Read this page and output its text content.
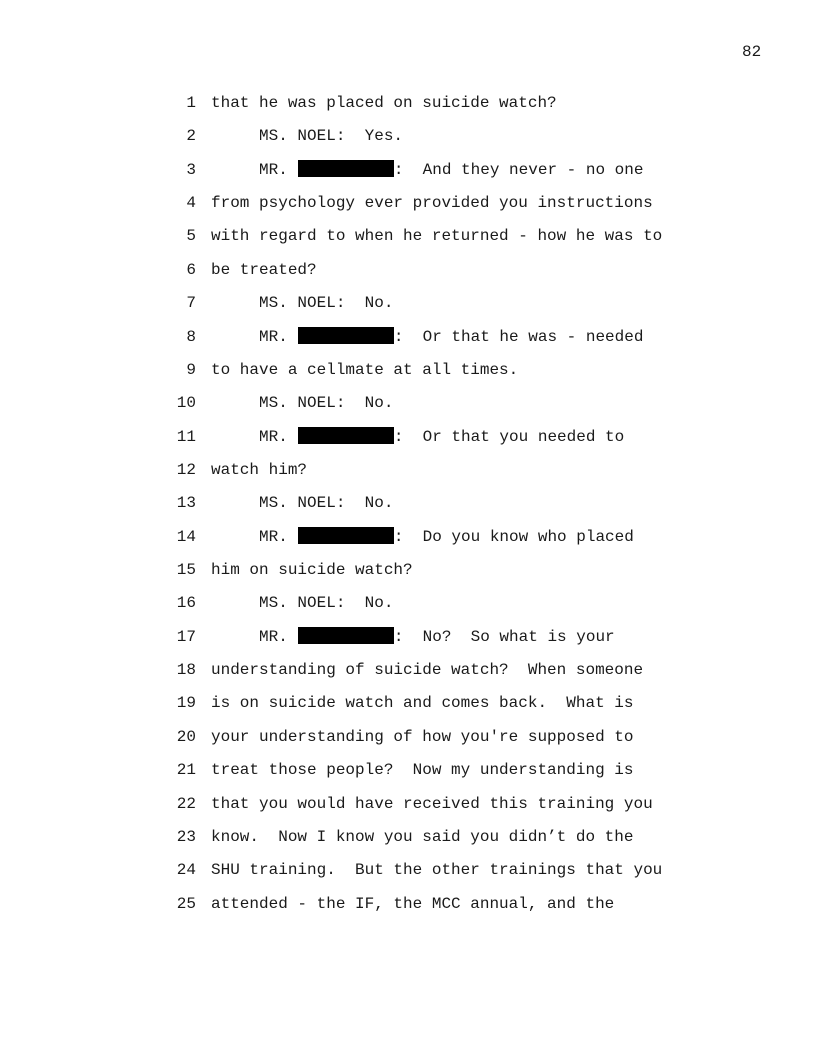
82

1

that he was placed on suicide watch?

2

	MS. NOEL:  Yes.

3

	MR.	:  And they never - no one

4

from psychology ever provided you instructions

5

with regard to when he returned - how he was to

6

be treated?

7

	MS. NOEL:  No.

8

	MR.	:  Or that he was - needed

9

to have a cellmate at all times.

10

	MS. NOEL:  No.

11

	MR.	:  Or that you needed to

12

watch him?

13

	MS. NOEL:  No.

14

	MR.	:  Do you know who placed

15

him on suicide watch?

16

	MS. NOEL:  No.

17

	MR.	:  No?  So what is your

18

understanding of suicide watch?  When someone

19

is on suicide watch and comes back.  What is

20

your understanding of how you're supposed to

21

treat those people?  Now my understanding is

22

that you would have received this training you

23

know.  Now I know you said you didn’t do the

24

SHU training.  But the other trainings that you

25

attended - the IF, the MCC annual, and the
